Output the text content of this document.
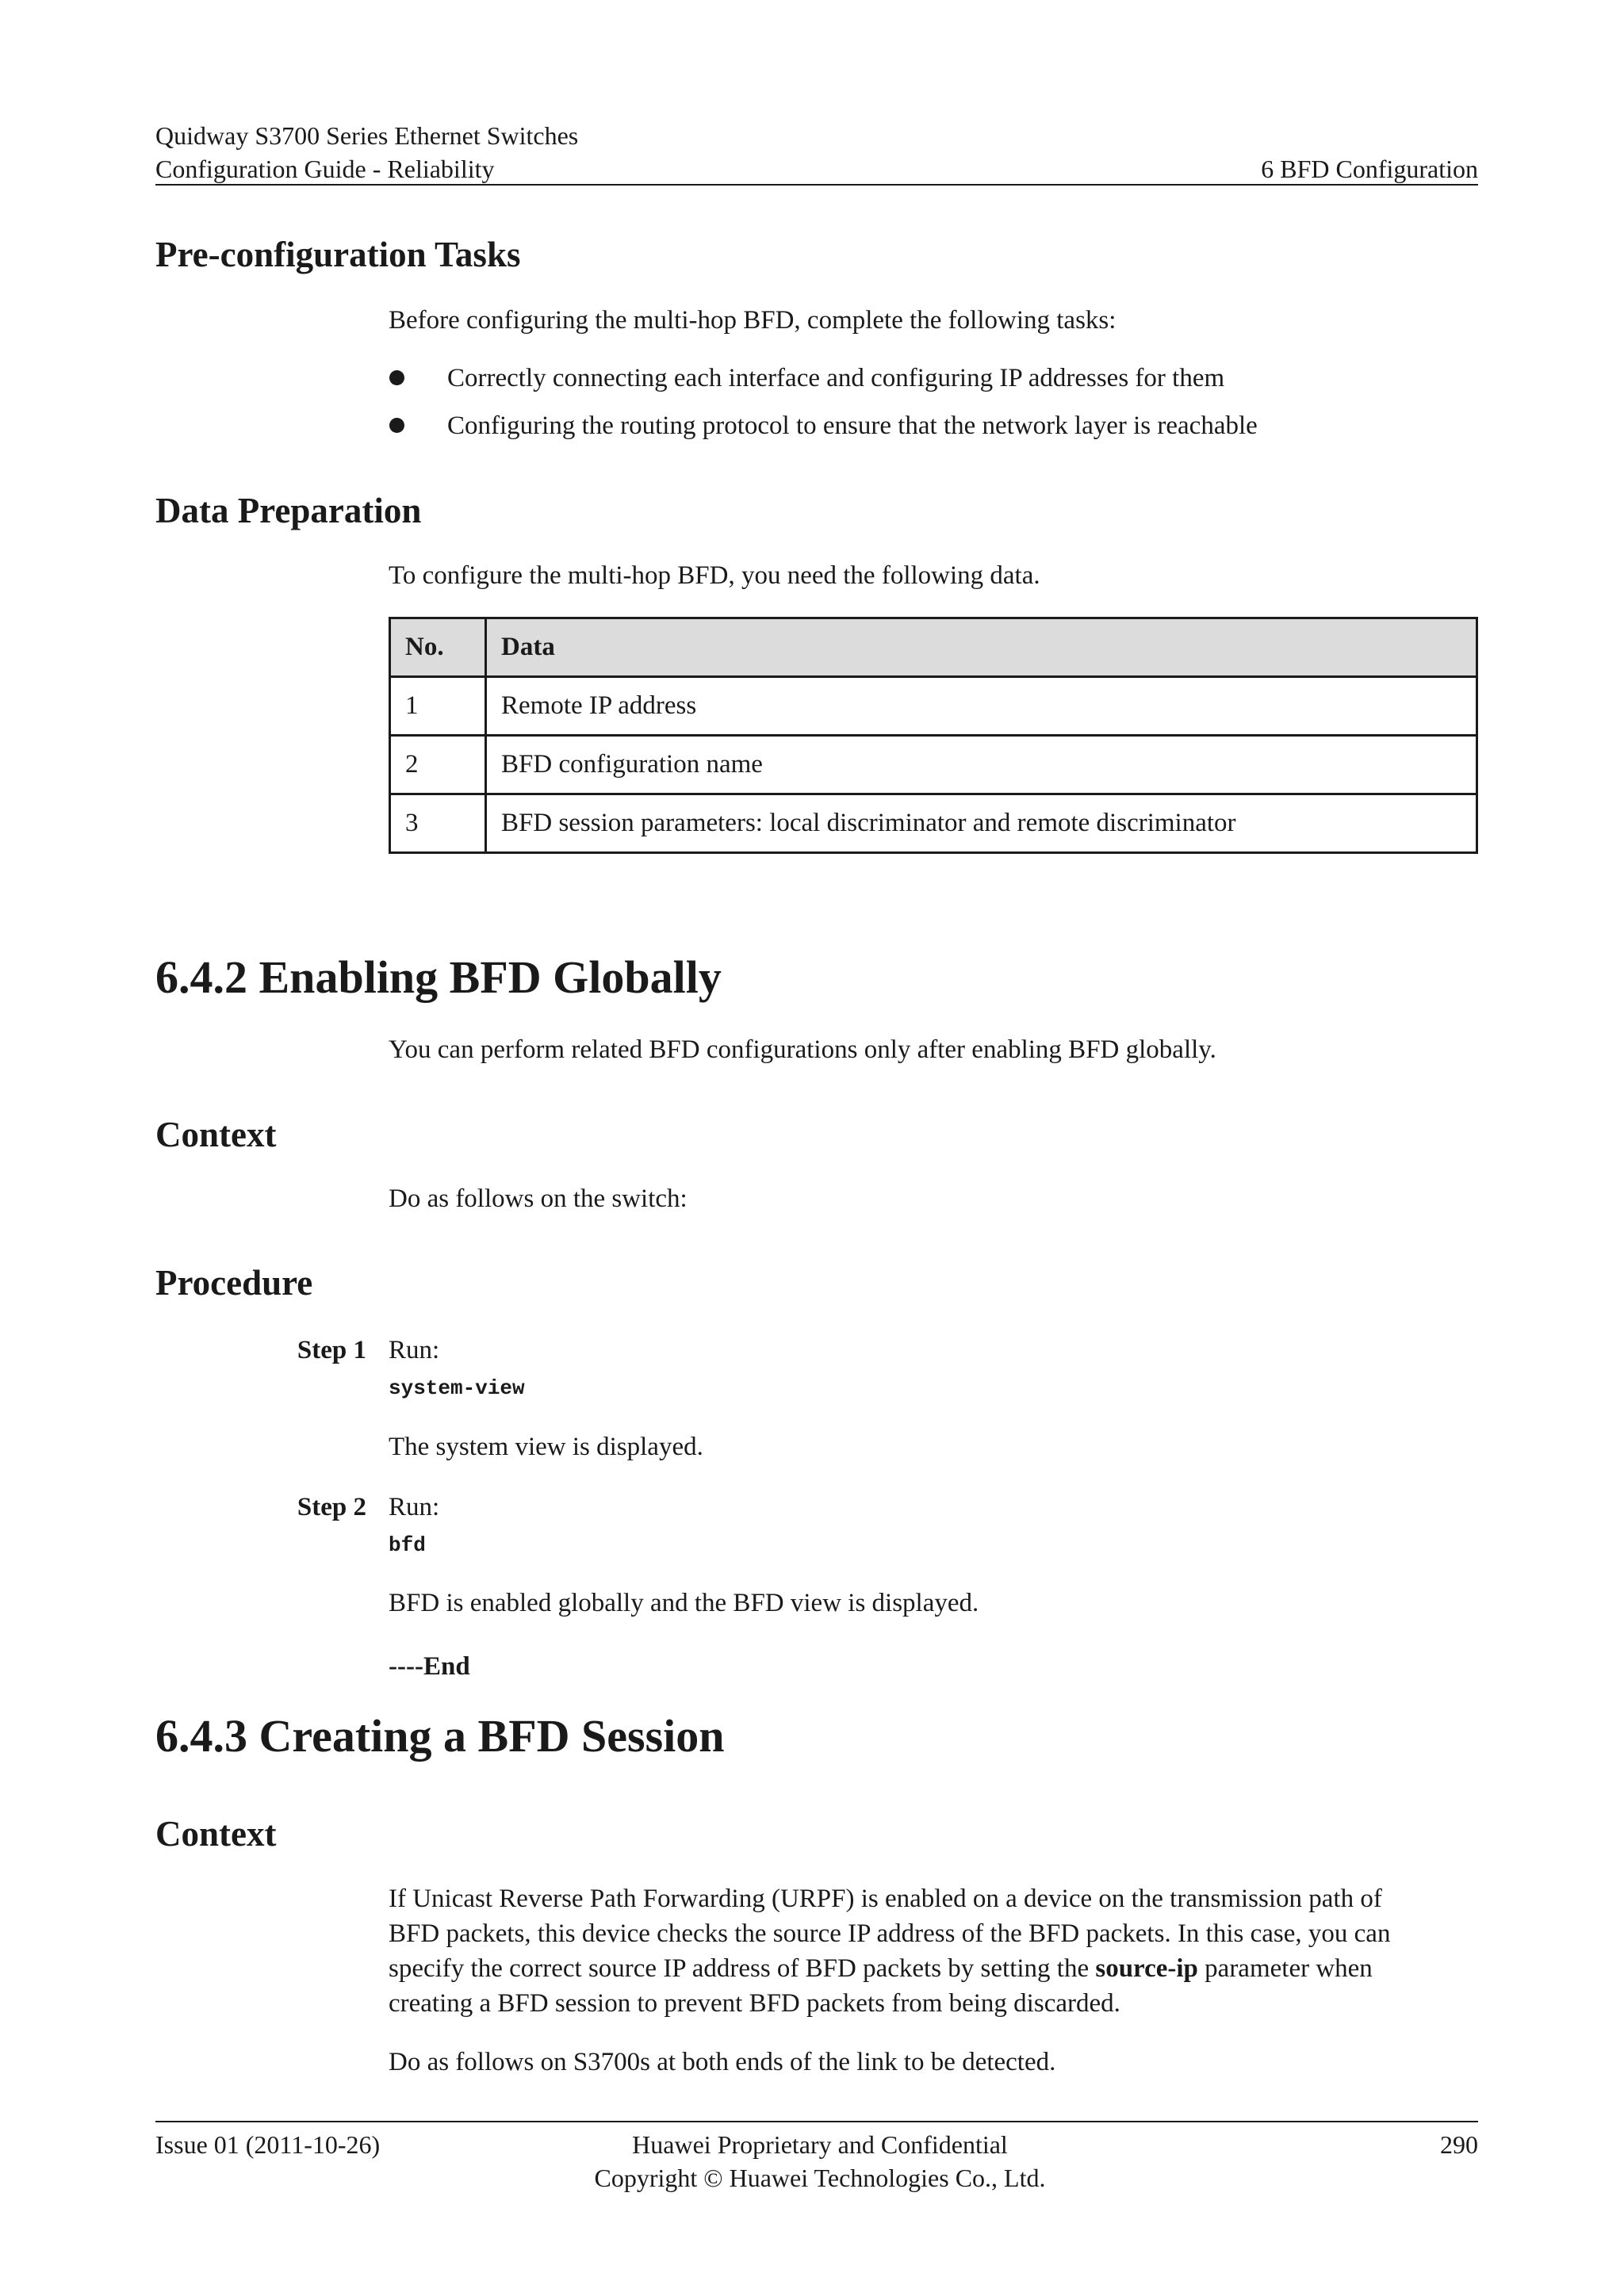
Quidway S3700 Series Ethernet Switches
Configuration Guide - Reliability	6 BFD Configuration
Pre-configuration Tasks
Before configuring the multi-hop BFD, complete the following tasks:
Correctly connecting each interface and configuring IP addresses for them
Configuring the routing protocol to ensure that the network layer is reachable
Data Preparation
To configure the multi-hop BFD, you need the following data.
No.	Data
1	Remote IP address
2	BFD configuration name
3	BFD session parameters: local discriminator and remote discriminator
6.4.2 Enabling BFD Globally
You can perform related BFD configurations only after enabling BFD globally.
Context
Do as follows on the switch:
Procedure
Step 1 Run:
system-view
The system view is displayed.
Step 2 Run:
bfd
BFD is enabled globally and the BFD view is displayed.
----End
6.4.3 Creating a BFD Session
Context
If Unicast Reverse Path Forwarding (URPF) is enabled on a device on the transmission path of
BFD packets, this device checks the source IP address of the BFD packets. In this case, you can
specify the correct source IP address of BFD packets by setting the source-ip parameter when
creating a BFD session to prevent BFD packets from being discarded.
Do as follows on S3700s at both ends of the link to be detected.
Issue 01 (2011-10-26)	Huawei Proprietary and Confidential
Copyright © Huawei Technologies Co., Ltd.
290
